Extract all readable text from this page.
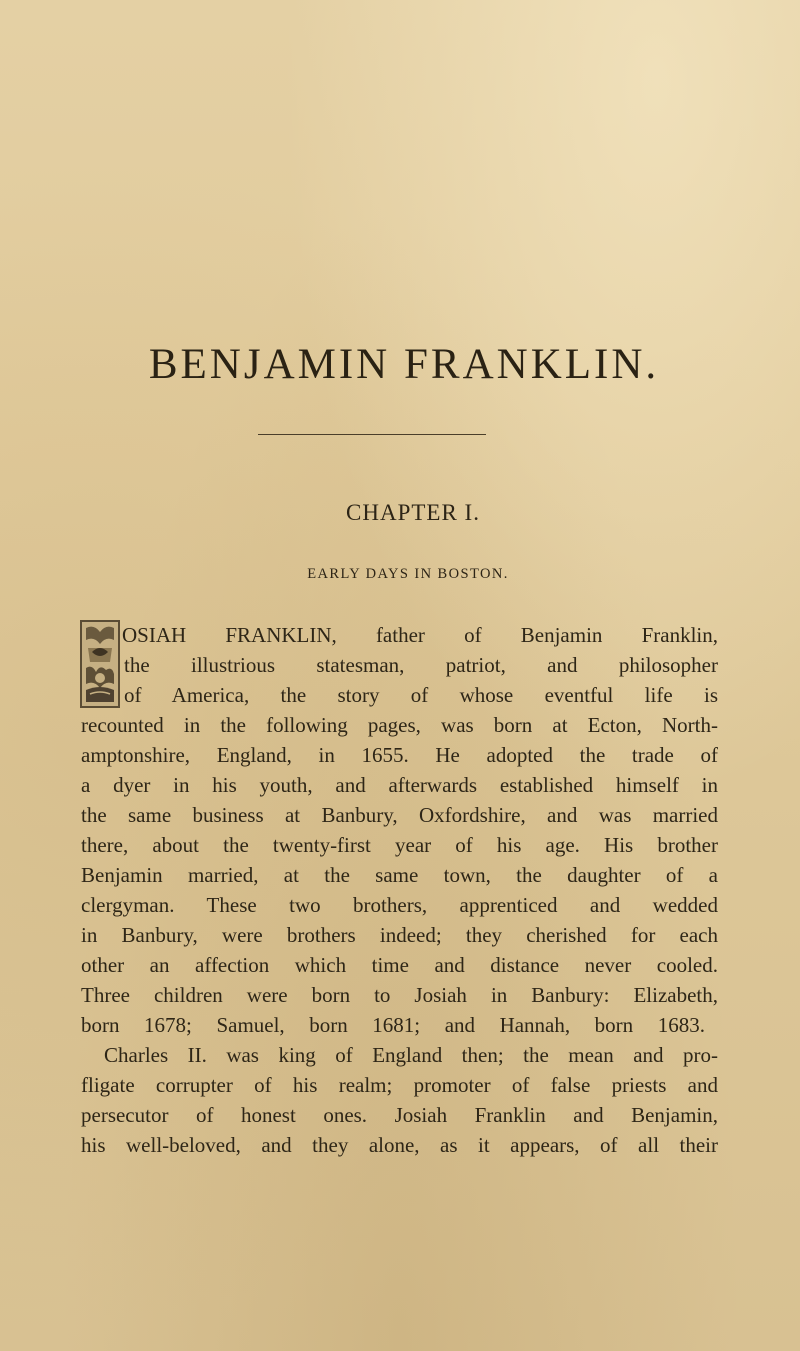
BENJAMIN FRANKLIN.
CHAPTER I.
EARLY DAYS IN BOSTON.
OSIAH FRANKLIN, father of Benjamin Franklin,
the illustrious statesman, patriot, and philosopher
of America, the story of whose eventful life is
recounted in the following pages, was born at Ecton, North-
amptonshire, England, in 1655. He adopted the trade of
a dyer in his youth, and afterwards established himself in
the same business at Banbury, Oxfordshire, and was married
there, about the twenty-first year of his age. His brother
Benjamin married, at the same town, the daughter of a
clergyman. These two brothers, apprenticed and wedded
in Banbury, were brothers indeed; they cherished for each
other an affection which time and distance never cooled.
Three children were born to Josiah in Banbury: Elizabeth,
born 1678; Samuel, born 1681; and Hannah, born 1683.
Charles II. was king of England then; the mean and pro-
fligate corrupter of his realm; promoter of false priests and
persecutor of honest ones. Josiah Franklin and Benjamin,
his well-beloved, and they alone, as it appears, of all their
